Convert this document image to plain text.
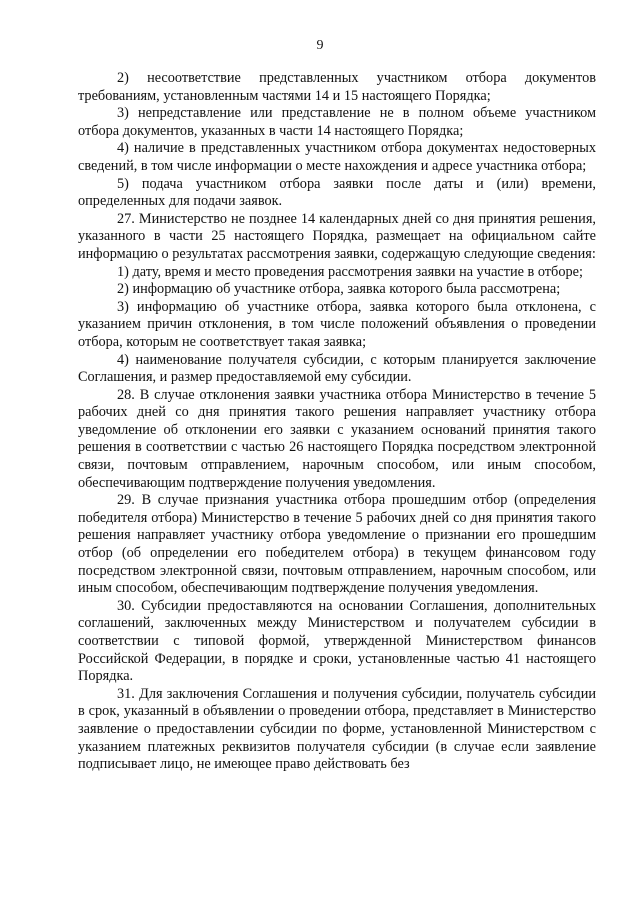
9

2) несоответствие представленных участником отбора документов требованиям, установленным частями 14 и 15 настоящего Порядка;

3) непредставление или представление не в полном объеме участником отбора документов, указанных в части 14 настоящего Порядка;

4) наличие в представленных участником отбора документах недостоверных сведений, в том числе информации о месте нахождения и адресе участника отбора;

5) подача участником отбора заявки после даты и (или) времени, определенных для подачи заявок.

27. Министерство не позднее 14 календарных дней со дня принятия решения, указанного в части 25 настоящего Порядка, размещает на официальном сайте информацию о результатах рассмотрения заявки, содержащую следующие сведения:

1) дату, время и место проведения рассмотрения заявки на участие в отборе;

2) информацию об участнике отбора, заявка которого была рассмотрена;

3) информацию об участнике отбора, заявка которого была отклонена, с указанием причин отклонения, в том числе положений объявления о проведении отбора, которым не соответствует такая заявка;

4) наименование получателя субсидии, с которым планируется заключение Соглашения, и размер предоставляемой ему субсидии.

28. В случае отклонения заявки участника отбора Министерство в течение 5 рабочих дней со дня принятия такого решения направляет участнику отбора уведомление об отклонении его заявки с указанием оснований принятия такого решения в соответствии с частью 26 настоящего Порядка посредством электронной связи, почтовым отправлением, нарочным способом, или иным способом, обеспечивающим подтверждение получения уведомления.

29. В случае признания участника отбора прошедшим отбор (определения победителя отбора) Министерство в течение 5 рабочих дней со дня принятия такого решения направляет участнику отбора уведомление о признании его прошедшим отбор (об определении его победителем отбора) в текущем финансовом году посредством электронной связи, почтовым отправлением, нарочным способом, или иным способом, обеспечивающим подтверждение получения уведомления.

30. Субсидии предоставляются на основании Соглашения, дополнительных соглашений, заключенных между Министерством и получателем субсидии в соответствии с типовой формой, утвержденной Министерством финансов Российской Федерации, в порядке и сроки, установленные частью 41 настоящего Порядка.

31. Для заключения Соглашения и получения субсидии, получатель субсидии в срок, указанный в объявлении о проведении отбора, представляет в Министерство заявление о предоставлении субсидии по форме, установленной Министерством с указанием платежных реквизитов получателя субсидии (в случае если заявление подписывает лицо, не имеющее право действовать без
